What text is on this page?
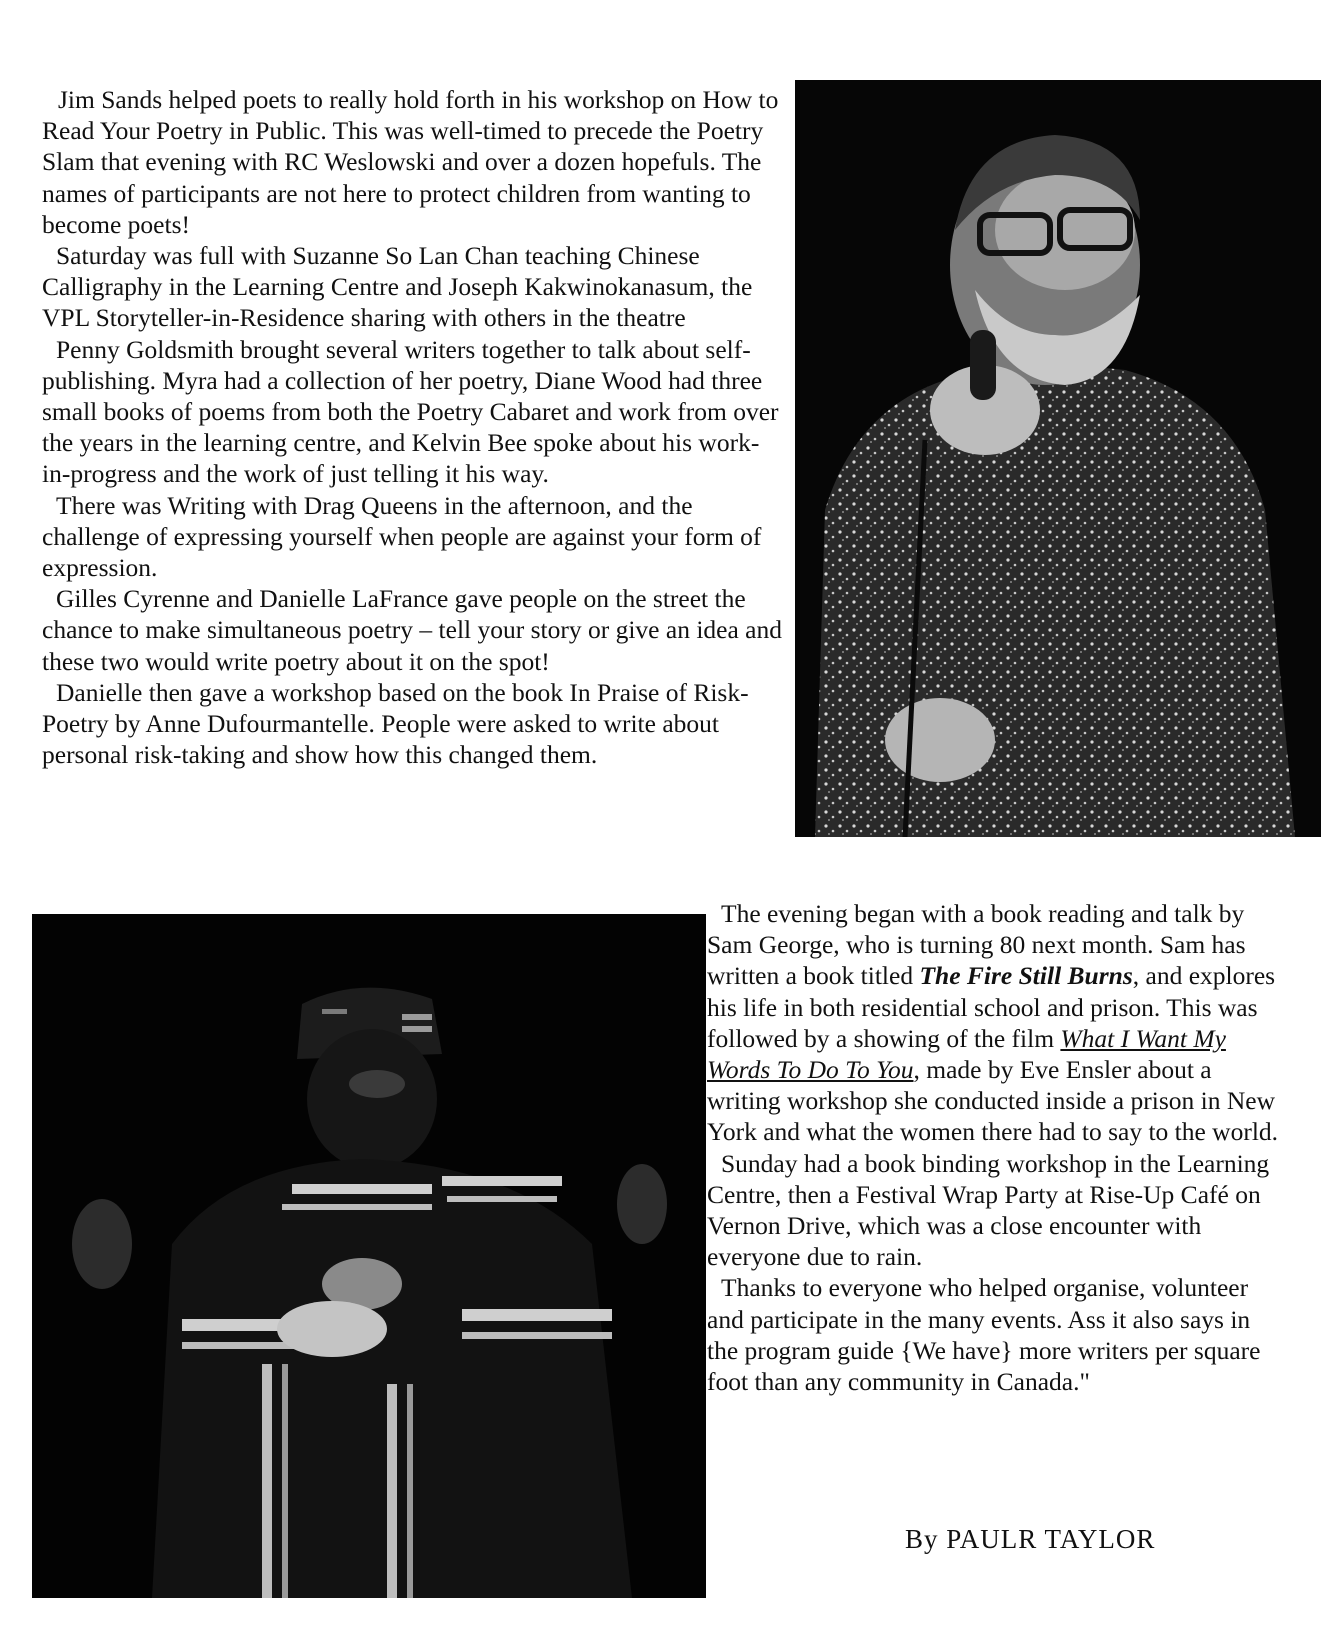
Jim Sands helped poets to really hold forth in his workshop on How to Read Your Poetry in Public. This was well-timed to precede the Poetry Slam that evening with RC Weslowski and over a dozen hopefuls. The names of participants are not here to protect children from wanting to become poets!

Saturday was full with Suzanne So Lan Chan teaching Chinese Calligraphy in the Learning Centre and Joseph Kakwinokanasum, the VPL Storyteller-in-Residence sharing with others in the theatre

Penny Goldsmith brought several writers together to talk about self-publishing. Myra had a collection of her poetry, Diane Wood had three small books of poems from both the Poetry Cabaret and work from over the years in the learning centre, and Kelvin Bee spoke about his work-in-progress and the work of just telling it his way.

There was Writing with Drag Queens in the afternoon, and the challenge of expressing yourself when people are against your form of expression.

Gilles Cyrenne and Danielle LaFrance gave people on the street the chance to make simultaneous poetry – tell your story or give an idea and these two would write poetry about it on the spot!

Danielle then gave a workshop based on the book In Praise of Risk- Poetry by Anne Dufourmantelle. People were asked to write about personal risk-taking and show how this changed them.

The evening began with a book reading and talk by Sam George, who is turning 80 next month. Sam has written a book titled The Fire Still Burns, and explores his life in both residential school and prison. This was followed by a showing of the film What I Want My Words To Do To You, made by Eve Ensler about a writing workshop she conducted inside a prison in New York and what the women there had to say to the world.

Sunday had a book binding workshop in the Learning Centre, then a Festival Wrap Party at Rise-Up Café on Vernon Drive, which was a close encounter with everyone due to rain.

Thanks to everyone who helped organise, volunteer and participate in the many events. Ass it also says in the program guide {We have} more writers per square foot than any community in Canada."

By PAULR TAYLOR
